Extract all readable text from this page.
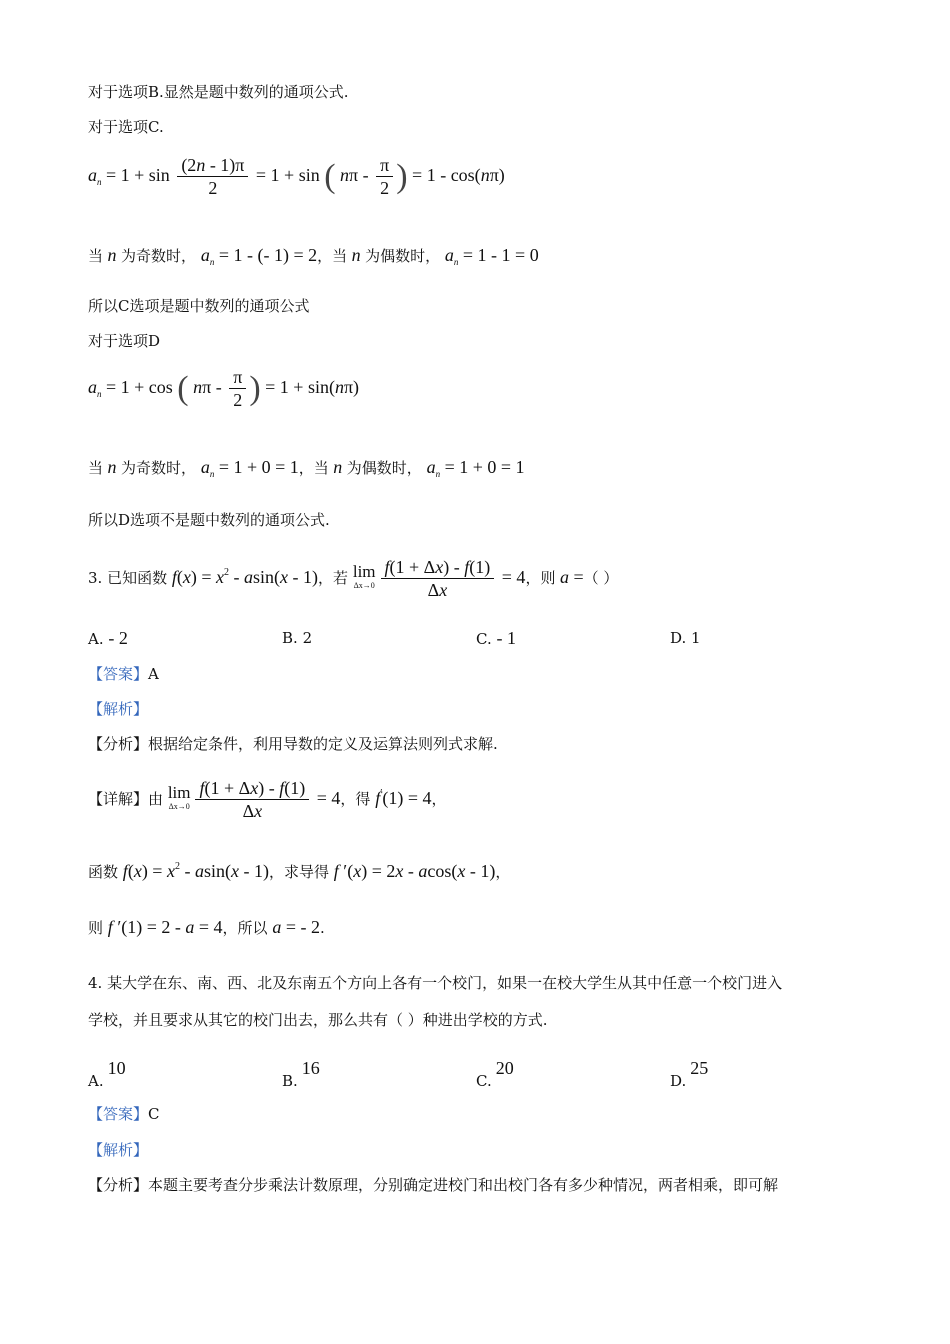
对于选项B.显然是题中数列的通项公式.
对于选项C.
$a_n = 1 + \sin \frac{(2n - 1)\pi}{2} = 1 + \sin$ ( nπ - $\frac{\pi}{2}$ ) = 1 - cos(nπ)
当 n 为奇数时， $a_n = 1$ - (- 1) = 2，当 n 为偶数时， $a_n = 1 - 1 = 0$
所以C选项是题中数列的通项公式
对于选项D
$a_n = 1 + \cos$ ( nπ - $\frac{\pi}{2}$ ) = 1 + sin(nπ)
当 n 为奇数时， $a_n = 1 + 0 = 1$，当 n 为偶数时， $a_n = 1 + 0 = 1$
所以D选项不是题中数列的通项公式.
3. 已知函数 $f(x) = x^2 - asin(x - 1)$，若 lim
$\Delta x\to 0 \frac{f(1 + \Delta x) - f(1)}{\Delta x} = 4$，则 a =（ ）
A. - 2	B. 2	C. - 1	D. 1
【答案】A
【解析】
【分析】根据给定条件，利用导数的定义及运算法则列式求解.
【详解】由 lim
$\Delta x\to 0 \frac{f(1 + \Delta x) - f(1)}{\Delta x} = 4$，得 f′(1) = 4，
函数 $f(x) = x^2 - asin(x - 1)$，求导得 f ′(x) = 2x - acos(x - 1)，
则 f ′(1) = 2 - a = 4，所以 a = - 2.
4. 某大学在东、南、西、北及东南五个方向上各有一个校门，如果一在校大学生从其中任意一个校门进入
学校，并且要求从其它的校门出去，那么共有（ ）种进出学校的方式.
A.10
B.16
C.20
D.25
【答案】C
【解析】
【分析】本题主要考查分步乘法计数原理，分别确定进校门和出校门各有多少种情况，两者相乘，即可解
